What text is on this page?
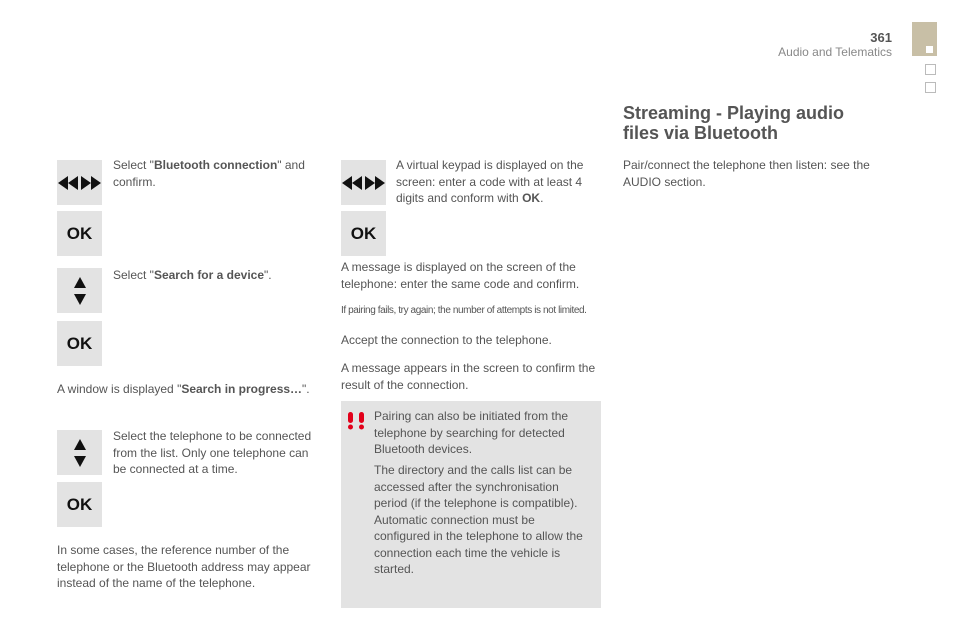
361
Audio and Telematics
Select "Bluetooth connection" and confirm.
OK
Select "Search for a device".
OK
A window is displayed "Search in progress…".
Select the telephone to be connected from the list. Only one telephone can be connected at a time.
OK
In some cases, the reference number of the telephone or the Bluetooth address may appear instead of the name of the telephone.
A virtual keypad is displayed on the screen: enter a code with at least 4 digits and conform with OK.
OK
A message is displayed on the screen of the telephone: enter the same code and confirm.
If pairing fails, try again; the number of attempts is not limited.
Accept the connection to the telephone.
A message appears in the screen to confirm the result of the connection.
Pairing can also be initiated from the telephone by searching for detected Bluetooth devices.
The directory and the calls list can be accessed after the synchronisation period (if the telephone is compatible). Automatic connection must be configured in the telephone to allow the connection each time the vehicle is started.
Streaming - Playing audio files via Bluetooth
Pair/connect the telephone then listen: see the AUDIO section.
